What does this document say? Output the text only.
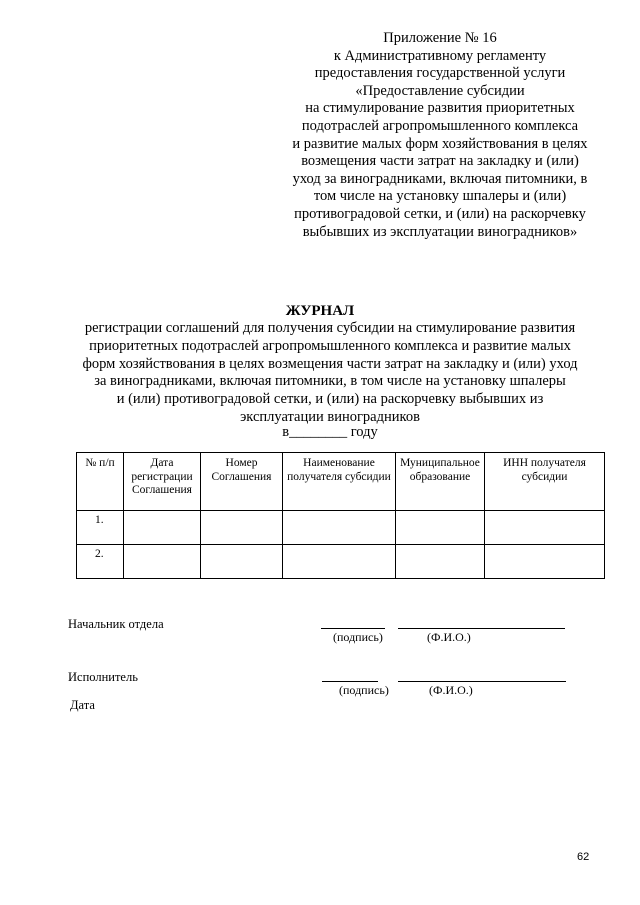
Приложение № 16
к Административному регламенту
предоставления государственной услуги
«Предоставление субсидии
на стимулирование развития приоритетных
подотраслей агропромышленного комплекса
и развитие малых форм хозяйствования в целях
возмещения части затрат на закладку и (или)
уход за виноградниками, включая питомники, в
том числе на установку шпалеры и (или)
противоградовой сетки, и (или) на раскорчевку
выбывших из эксплуатации виноградников»
ЖУРНАЛ
регистрации соглашений для получения субсидии на стимулирование развития
приоритетных подотраслей агропромышленного комплекса и развитие малых
форм хозяйствования в целях возмещения части затрат на закладку и (или) уход
за виноградниками, включая питомники, в том числе на установку шпалеры
и (или) противоградовой сетки, и (или) на раскорчевку выбывших из
эксплуатации виноградников
в________ году
№ п/п	Дата регистрации Соглашения	Номер Соглашения	Наименование получателя субсидии	Муниципальное образование	ИНН получателя субсидии
1.					
2.					
Начальник отдела
(подпись)	(Ф.И.О.)
Исполнитель
(подпись)	(Ф.И.О.)
Дата
62
